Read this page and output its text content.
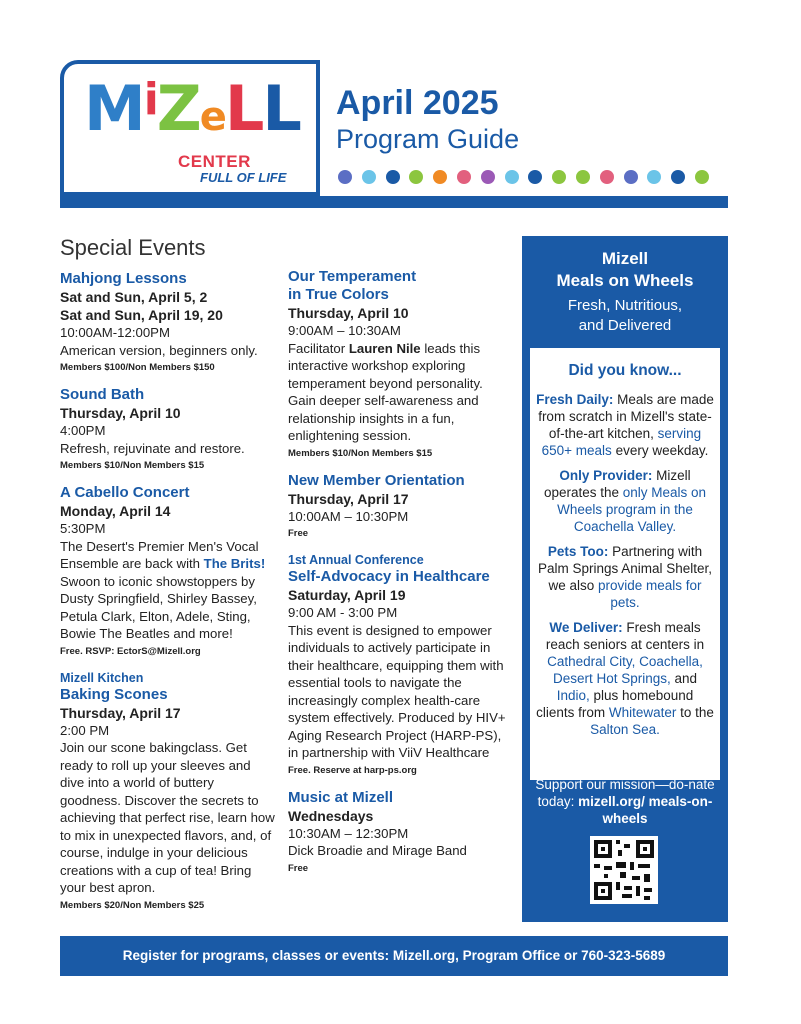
MiZeLL
CENTER
FULL OF LIFE
April 2025
Program Guide
Special Events
Mahjong Lessons
Sat and Sun, April 5, 2
Sat and Sun, April 19, 20
10:00AM-12:00PM
American version, beginners only.
Members $100/Non Members $150
Sound Bath
Thursday, April 10
4:00PM
Refresh, rejuvinate and restore.
Members $10/Non Members $15
A Cabello Concert
Monday, April 14
5:30PM
The Desert's Premier Men's Vocal Ensemble are back with The Brits! Swoon to iconic showstoppers by Dusty Springfield, Shirley Bassey, Petula Clark, Elton, Adele, Sting, Bowie The Beatles and more!
Free. RSVP: EctorS@Mizell.org
Mizell Kitchen
Baking Scones
Thursday, April 17
2:00 PM
Join our scone bakingclass. Get ready to roll up your sleeves and dive into a world of buttery goodness. Discover the secrets to achieving that perfect rise, learn how to mix in unexpected flavors, and, of course, indulge in your delicious creations with a cup of tea! Bring your best apron.
Members $20/Non Members $25
Our Temperament
in True Colors
Thursday, April 10
9:00AM – 10:30AM
Facilitator Lauren Nile leads this interactive workshop exploring temperament beyond personality. Gain deeper self-awareness and relationship insights in a fun, enlightening session.
Members $10/Non Members $15
New Member Orientation
Thursday, April 17
10:00AM – 10:30PM
Free
1st Annual Conference
Self-Advocacy in Healthcare
Saturday, April 19
9:00 AM - 3:00 PM
This event is designed to empower individuals to actively participate in their healthcare, equipping them with essential tools to navigate the increasingly complex health-care system effectively. Produced by HIV+ Aging Research Project (HARP-PS), in partnership with ViiV Healthcare
Free. Reserve at harp-ps.org
Music at Mizell
Wednesdays
10:30AM – 12:30PM
Dick Broadie and Mirage Band
Free
Mizell
Meals on Wheels
Fresh, Nutritious,
and Delivered
Did you know...
Fresh Daily: Meals are made from scratch in Mizell's state-of-the-art kitchen, serving 650+ meals every weekday.
Only Provider: Mizell operates the only Meals on Wheels program in the Coachella Valley.
Pets Too: Partnering with Palm Springs Animal Shelter, we also provide meals for pets.
We Deliver: Fresh meals reach seniors at centers in Cathedral City, Coachella, Desert Hot Springs, and Indio, plus homebound clients from Whitewater to the Salton Sea.
Support our mission—do-nate today: mizell.org/ meals-on-wheels
Register for programs, classes or events: Mizell.org, Program Office or 760-323-5689
